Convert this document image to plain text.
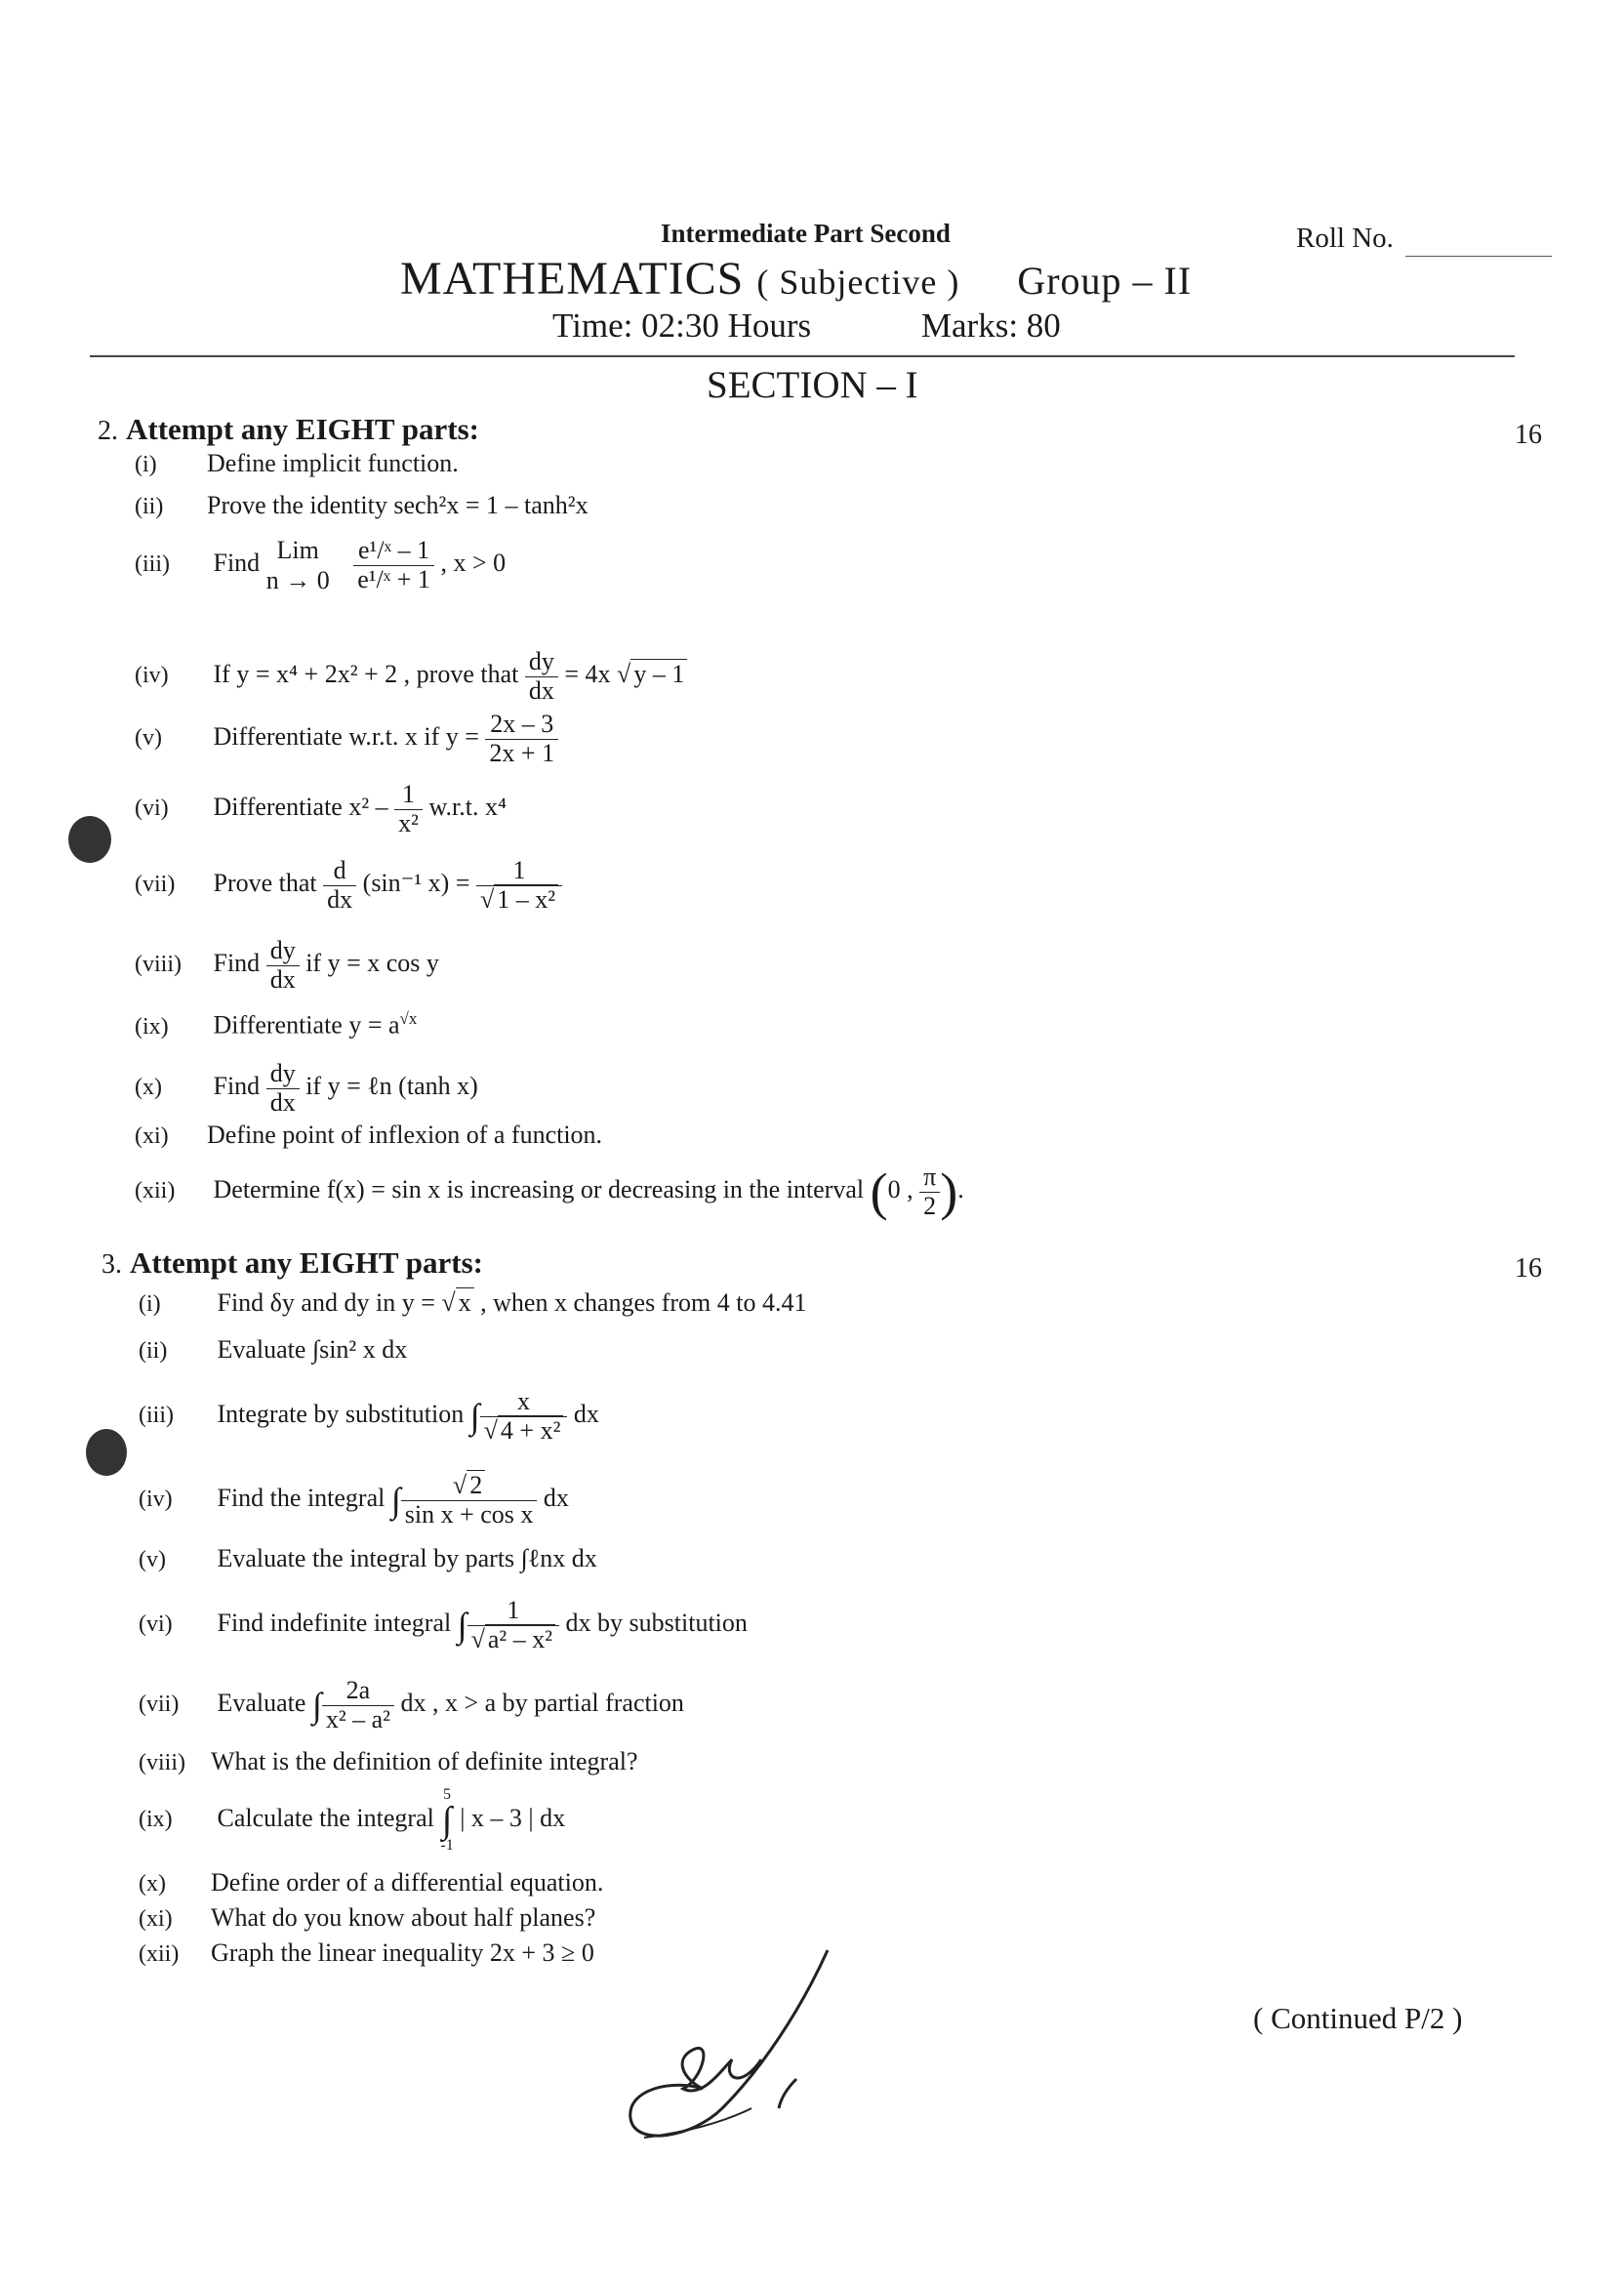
Intermediate Part Second	Roll No.
MATHEMATICS ( Subjective ) Group – II
Time: 02:30 Hours	Marks: 80
SECTION – I
2. Attempt any EIGHT parts:	16
(i) Define implicit function.
(ii) Prove the identity sech²x = 1 – tanh²x
(iii) Find Lim
n → 0
$\frac{\text{e¹/ˣ – 1}}{\text{e¹/ˣ + 1}}$ , x > 0
(iv) If y = x⁴ + 2x² + 2 , prove that $\frac{dy}{dx} = 4x$ √ y – 1
(v) Differentiate w.r.t. x if $y = \frac{2x - 3}{2x + 1}$
(vi) Differentiate $x^2 - \frac{1}{\text{x²}} w.r.t$. x⁴
(vii) Prove that $\frac{d}{dx} (\sin^{-1}$ $x) = \frac{1}{\text{√ 1 – x²}}$
(viii) Find $\frac{dy}{dx}$ if y = x cos y
(ix) Differentiate $y = a^{√x}$
(x) Find $\frac{dy}{dx}$ if y = ℓn (tanh x)
(xi) Define point of inflexion of a function.
(xii) Determine f(x) = sin x is increasing or decreasing in the interval (0 , $\frac{\pi}{2}$ ).
3. Attempt any EIGHT parts:	16
(i) Find δy and dy in y = √ x , when x changes from 4 to 4.41
(ii) Evaluate ∫sin² x dx
(iii) Integrate by substitution ∫ $\frac{x}{\text{√ 4 + x²}}$ dx
(iv) Find the integral ∫ $\frac{√ 2}{\text{sin x + cos x}}$ dx
(v) Evaluate the integral by parts ∫ℓnx dx
(vi) Find indefinite integral ∫ $\frac{1}{\text{√ a² – x²}}$ dx by substitution
(vii) Evaluate ∫ $\frac{2a}{\text{x² – a²}}$ dx , x > a by partial fraction
(viii) What is the definition of definite integral?
(ix) Calculate the integral
5
∫
-1
| x – 3 | dx
(x) Define order of a differential equation.
(xi) What do you know about half planes?
(xii) Graph the linear inequality 2x + 3 ≥ 0
( Continued P/2 )
